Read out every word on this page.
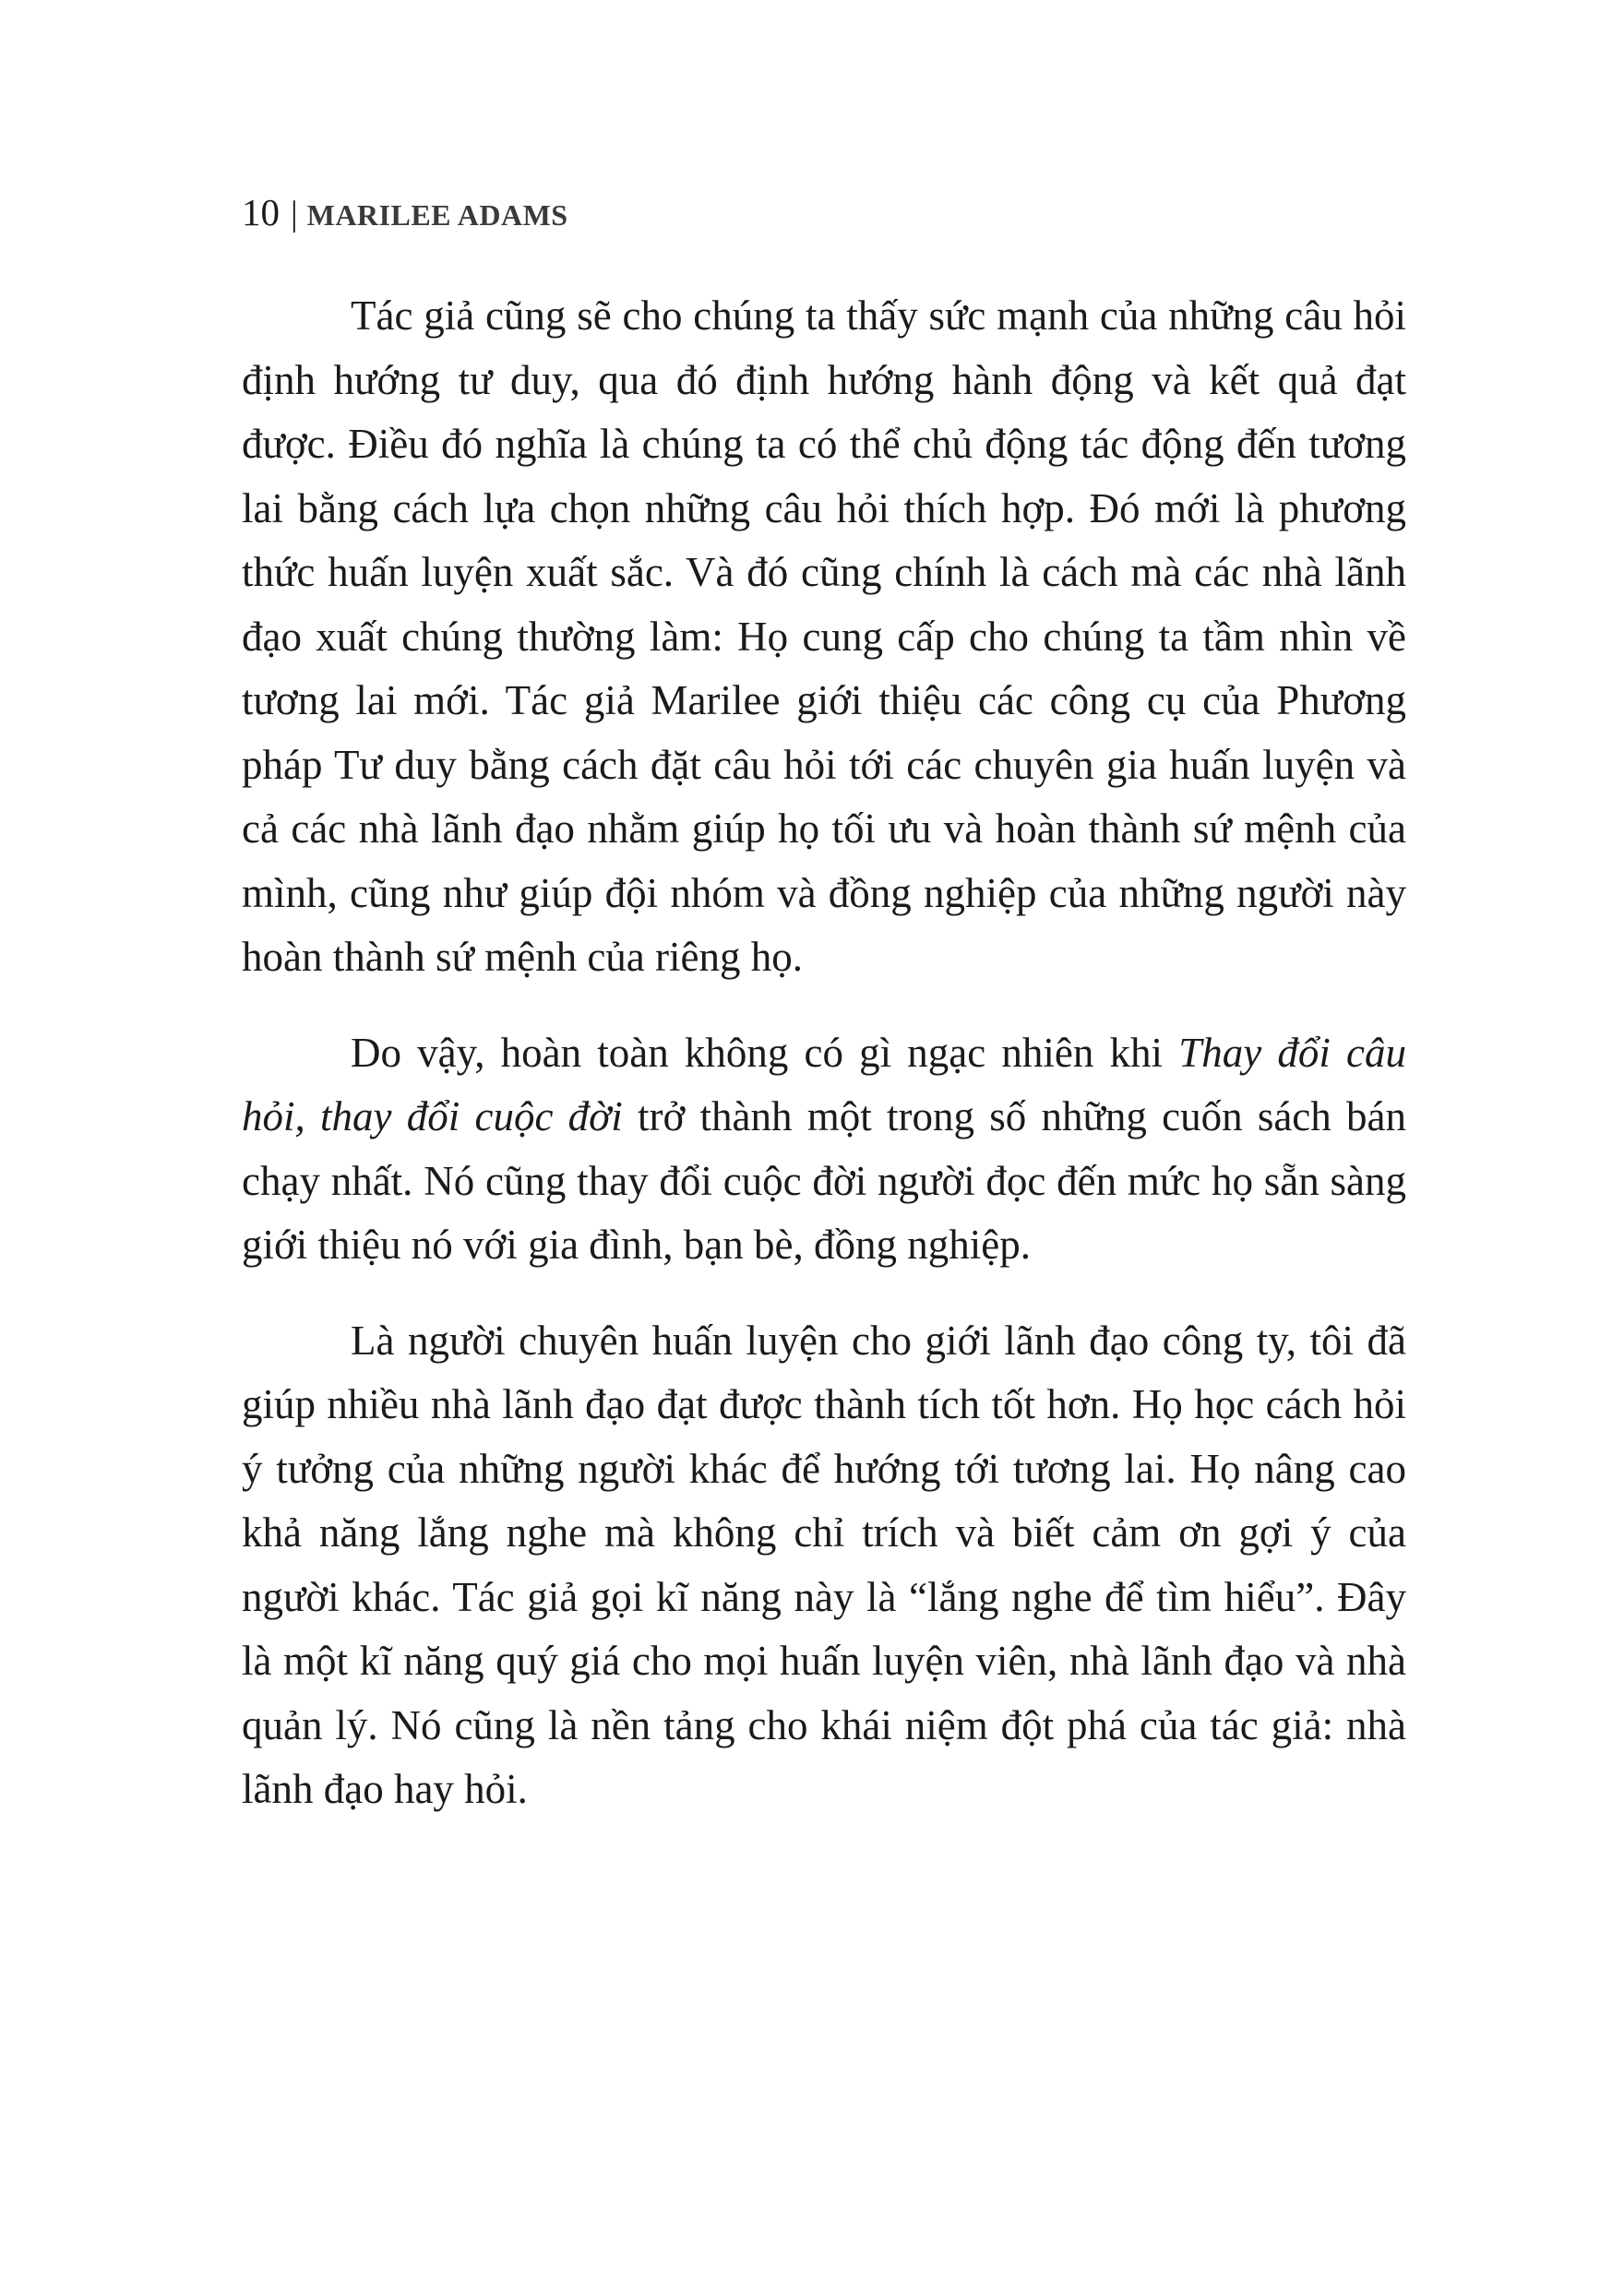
10 | MARILEE ADAMS

Tác giả cũng sẽ cho chúng ta thấy sức mạnh của những câu hỏi định hướng tư duy, qua đó định hướng hành động và kết quả đạt được. Điều đó nghĩa là chúng ta có thể chủ động tác động đến tương lai bằng cách lựa chọn những câu hỏi thích hợp. Đó mới là phương thức huấn luyện xuất sắc. Và đó cũng chính là cách mà các nhà lãnh đạo xuất chúng thường làm: Họ cung cấp cho chúng ta tầm nhìn về tương lai mới. Tác giả Marilee giới thiệu các công cụ của Phương pháp Tư duy bằng cách đặt câu hỏi tới các chuyên gia huấn luyện và cả các nhà lãnh đạo nhằm giúp họ tối ưu và hoàn thành sứ mệnh của mình, cũng như giúp đội nhóm và đồng nghiệp của những người này hoàn thành sứ mệnh của riêng họ.

Do vậy, hoàn toàn không có gì ngạc nhiên khi Thay đổi câu hỏi, thay đổi cuộc đời trở thành một trong số những cuốn sách bán chạy nhất. Nó cũng thay đổi cuộc đời người đọc đến mức họ sẵn sàng giới thiệu nó với gia đình, bạn bè, đồng nghiệp.

Là người chuyên huấn luyện cho giới lãnh đạo công ty, tôi đã giúp nhiều nhà lãnh đạo đạt được thành tích tốt hơn. Họ học cách hỏi ý tưởng của những người khác để hướng tới tương lai. Họ nâng cao khả năng lắng nghe mà không chỉ trích và biết cảm ơn gợi ý của người khác. Tác giả gọi kĩ năng này là “lắng nghe để tìm hiểu”. Đây là một kĩ năng quý giá cho mọi huấn luyện viên, nhà lãnh đạo và nhà quản lý. Nó cũng là nền tảng cho khái niệm đột phá của tác giả: nhà lãnh đạo hay hỏi.
